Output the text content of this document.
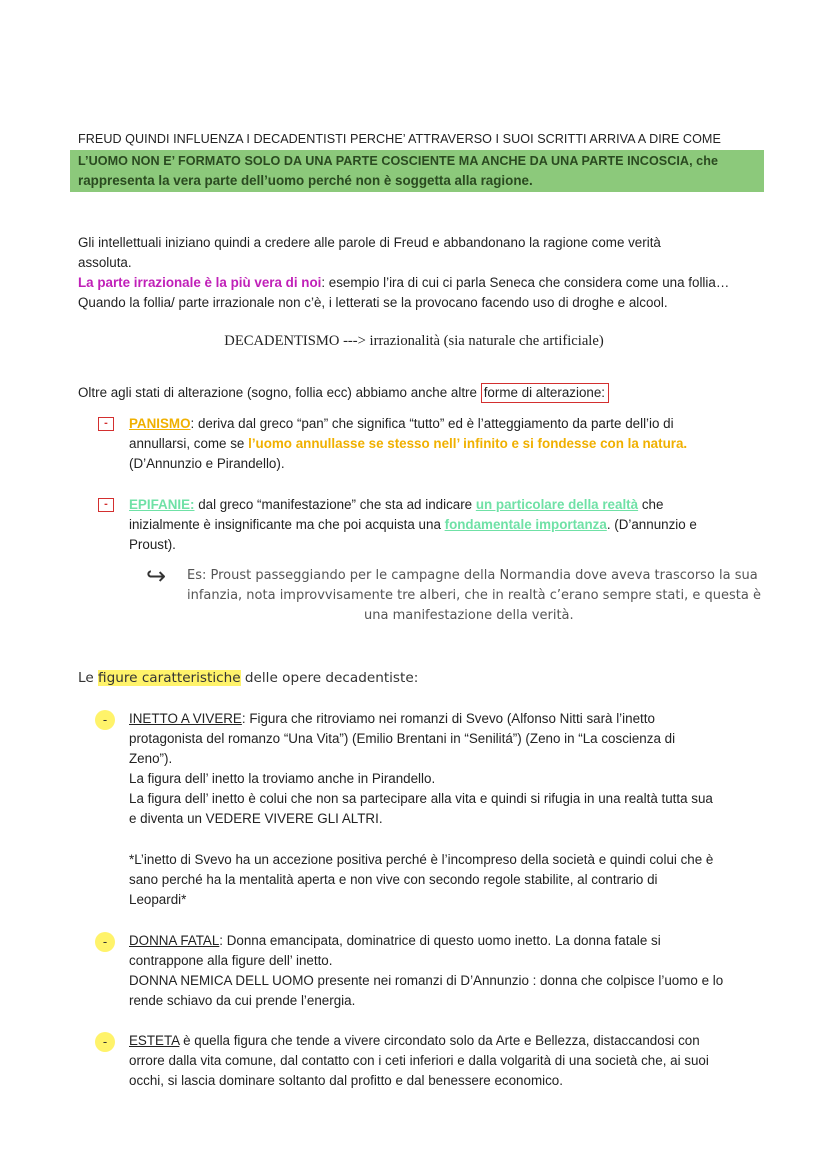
FREUD QUINDI INFLUENZA I DECADENTISTI PERCHE’ ATTRAVERSO I SUOI SCRITTI ARRIVA A DIRE COME
L’UOMO NON E’ FORMATO SOLO DA UNA PARTE COSCIENTE MA ANCHE DA UNA PARTE INCOSCIA, che
rappresenta la vera parte dell’uomo perché non è soggetta alla ragione.
Gli intellettuali iniziano quindi a credere alle parole di Freud e abbandonano la ragione come verità
assoluta.
La parte irrazionale è la più vera di noi: esempio l’ira di cui ci parla Seneca che considera come una follia…
Quando la follia/ parte irrazionale non c’è, i letterati se la provocano facendo uso di droghe e alcool.
DECADENTISMO ---> irrazionalità (sia naturale che artificiale)
Oltre agli stati di alterazione (sogno, follia ecc) abbiamo anche altre forme di alterazione:
-	PANISMO: deriva dal greco “pan” che significa “tutto” ed è l’atteggiamento da parte dell’io di
annullarsi, come se l’uomo annullasse se stesso nell’ infinito e si fondesse con la natura.
(D’Annunzio e Pirandello).
-	EPIFANIE: dal greco “manifestazione” che sta ad indicare un particolare della realtà che
inizialmente è insignificante ma che poi acquista una fondamentale importanza. (D’annunzio e
Proust).
↪ Es: Proust passeggiando per le campagne della Normandia dove aveva trascorso la sua
infanzia, nota improvvisamente tre alberi, che in realtà c’erano sempre stati, e questa è
una manifestazione della verità.
Le figure caratteristiche delle opere decadentiste:
-	INETTO A VIVERE: Figura che ritroviamo nei romanzi di Svevo (Alfonso Nitti sarà l’inetto
protagonista del romanzo “Una Vita”) (Emilio Brentani in “Senilitá”) (Zeno in “La coscienza di
Zeno”).
La figura dell’ inetto la troviamo anche in Pirandello.
La figura dell’ inetto è colui che non sa partecipare alla vita e quindi si rifugia in una realtà tutta sua
e diventa un VEDERE VIVERE GLI ALTRI.
*L’inetto di Svevo ha un accezione positiva perché è l’incompreso della società e quindi colui che è
sano perché ha la mentalità aperta e non vive con secondo regole stabilite, al contrario di
Leopardi*
-	DONNA FATAL: Donna emancipata, dominatrice di questo uomo inetto. La donna fatale si
contrappone alla figure dell’ inetto.
DONNA NEMICA DELL UOMO presente nei romanzi di D’Annunzio : donna che colpisce l’uomo e lo
rende schiavo da cui prende l’energia.
-	ESTETA è quella figura che tende a vivere circondato solo da Arte e Bellezza, distaccandosi con
orrore dalla vita comune, dal contatto con i ceti inferiori e dalla volgarità di una società che, ai suoi
occhi, si lascia dominare soltanto dal profitto e dal benessere economico.
